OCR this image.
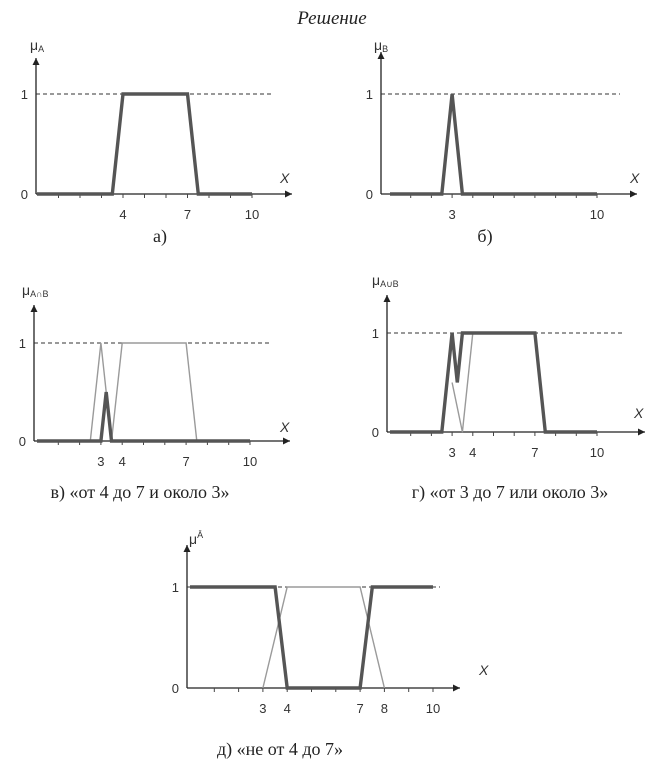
Решение
0
1
4	7	10
X
μA
а)
0
1
3	10
X
μB
б)
0
1
3 4	7	10
X
μA∩B
в) «от 4 до 7 и около 3»
0
1
3 4	7	10
X
μA∪B
г) «от 3 до 7 или около 3»
0
1
3 4	7 8	10
X
$\mu^Ā$
д) «не от 4 до 7»
